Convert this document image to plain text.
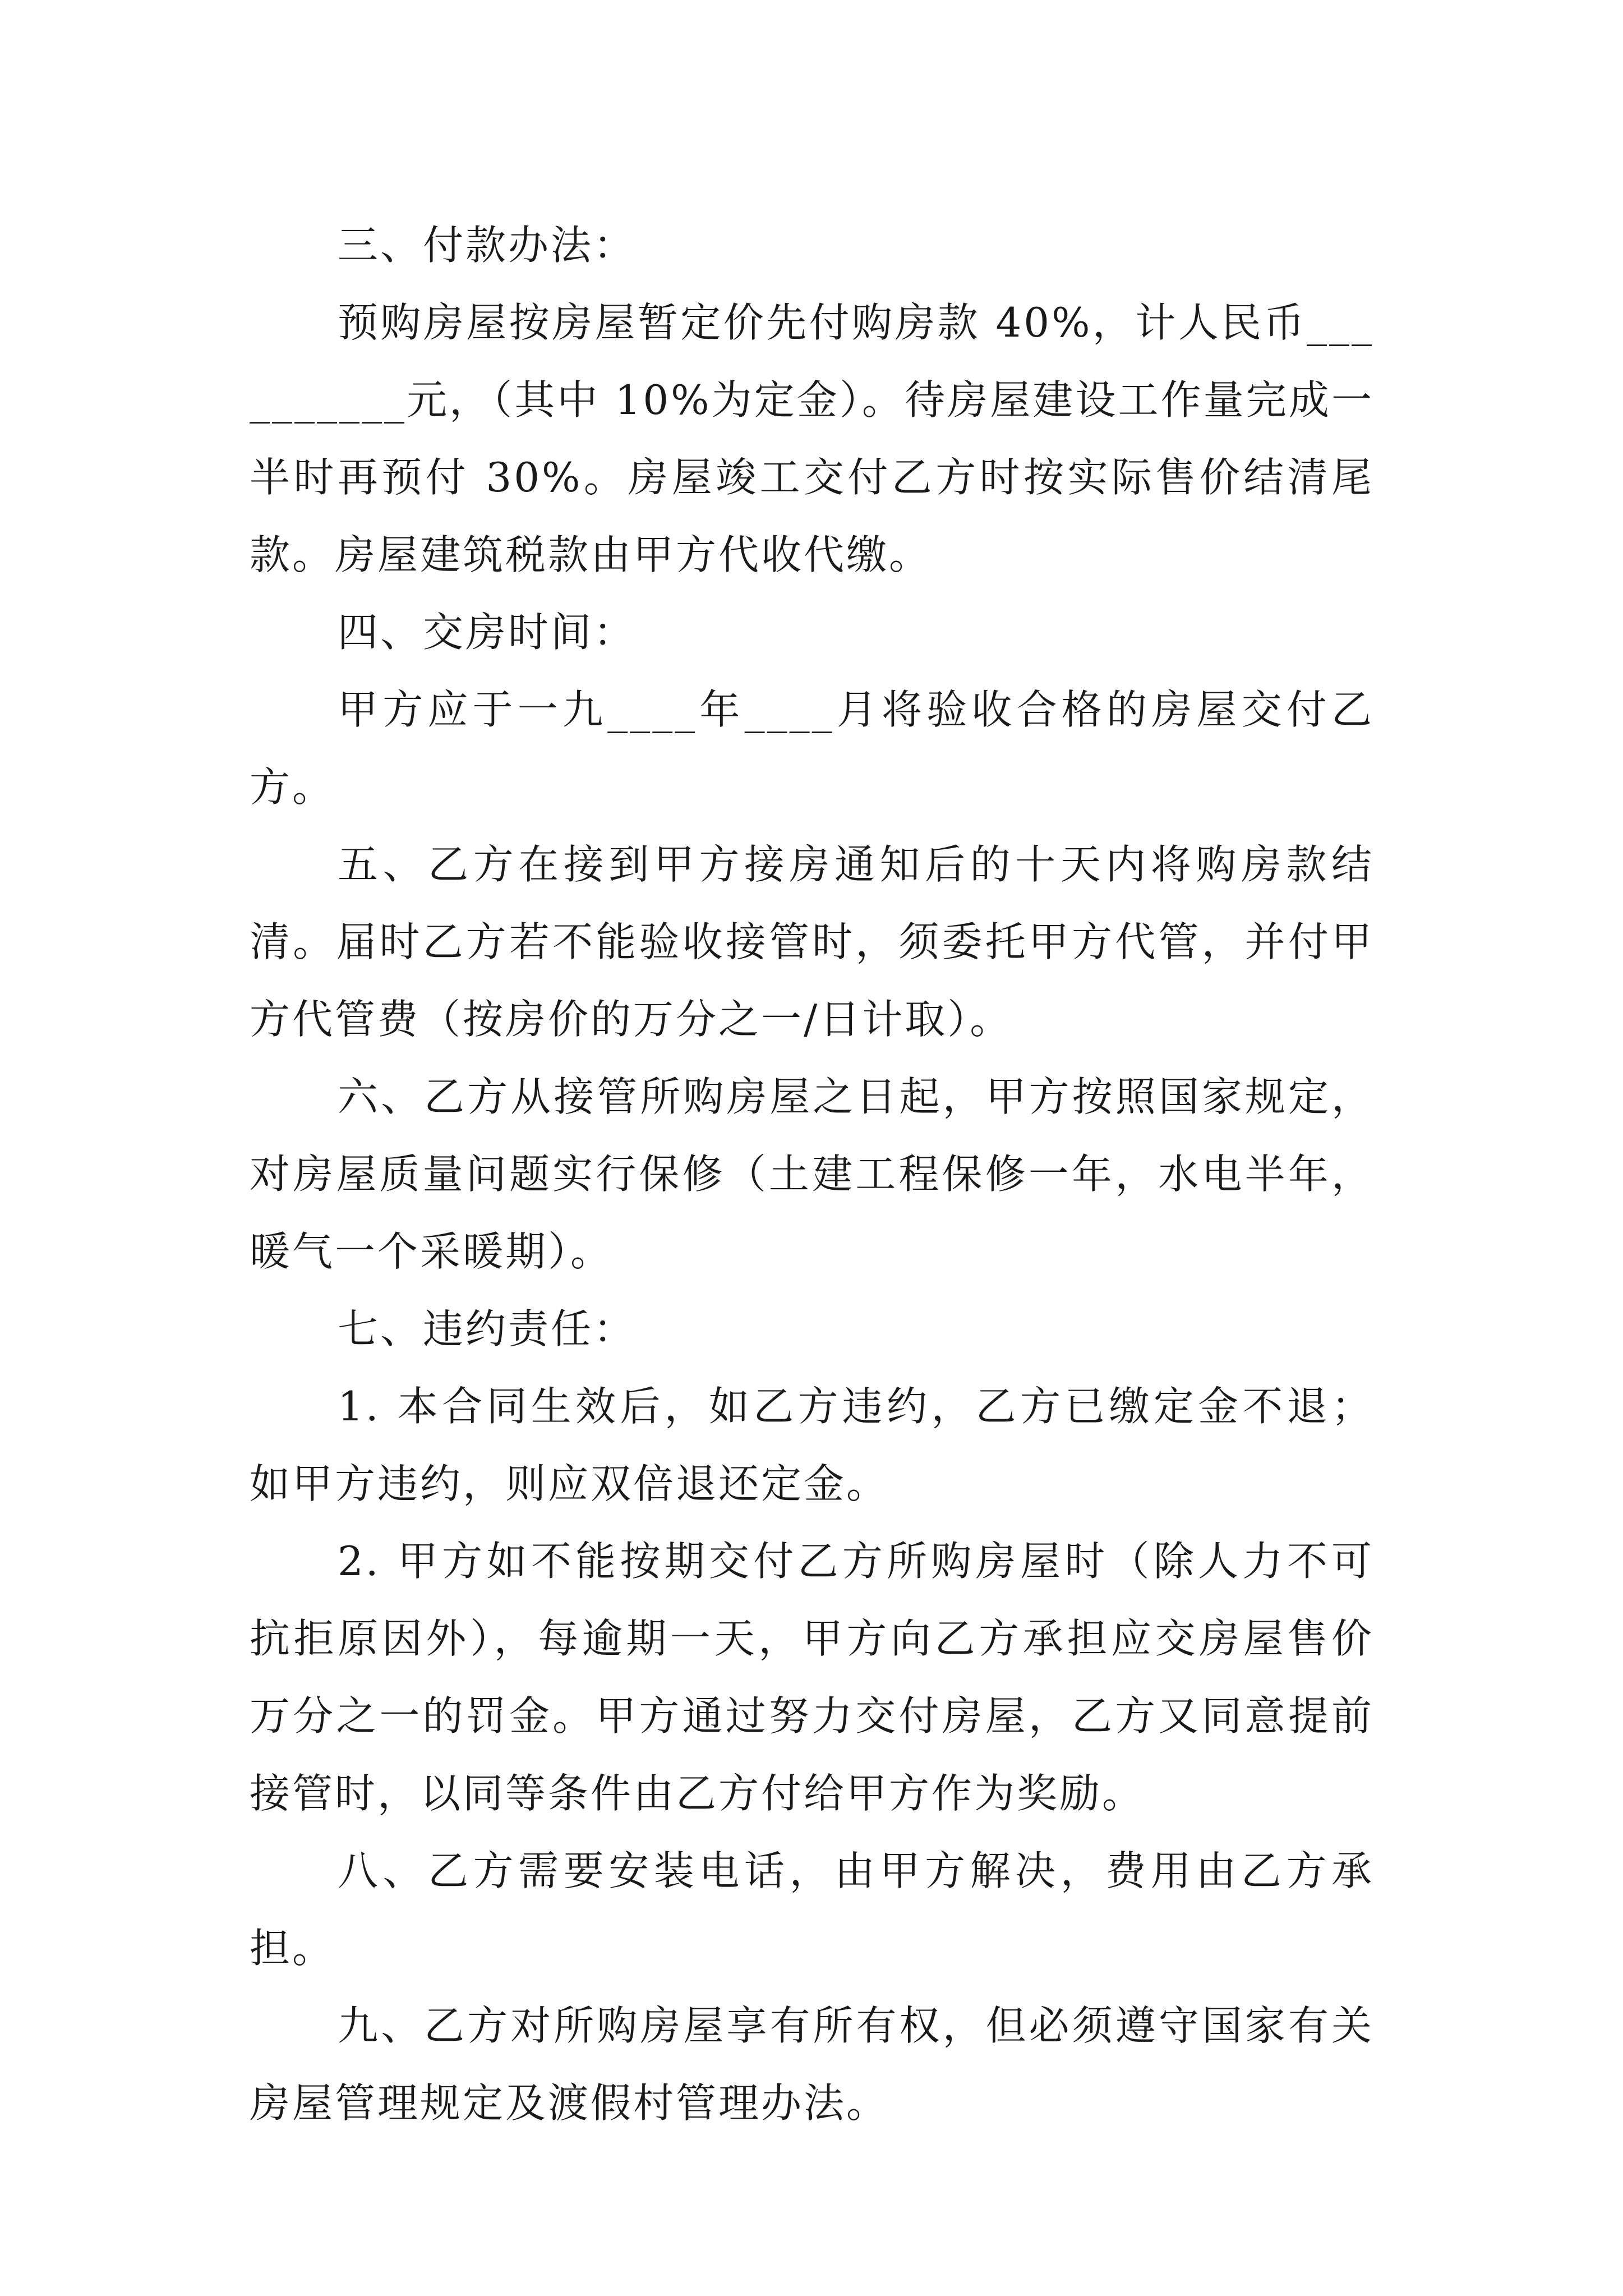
三、付款办法：

预购房屋按房屋暂定价先付购房款 40%，计人民币__________元，（其中 10%为定金）。待房屋建设工作量完成一半时再预付 30%。房屋竣工交付乙方时按实际售价结清尾款。房屋建筑税款由甲方代收代缴。

四、交房时间：

甲方应于一九____年____月将验收合格的房屋交付乙方。

五、乙方在接到甲方接房通知后的十天内将购房款结清。届时乙方若不能验收接管时，须委托甲方代管，并付甲方代管费（按房价的万分之一/日计取）。

六、乙方从接管所购房屋之日起，甲方按照国家规定，对房屋质量问题实行保修（土建工程保修一年，水电半年，暖气一个采暖期）。

七、违约责任：

1. 本合同生效后，如乙方违约，乙方已缴定金不退；如甲方违约，则应双倍退还定金。

2. 甲方如不能按期交付乙方所购房屋时（除人力不可抗拒原因外），每逾期一天，甲方向乙方承担应交房屋售价万分之一的罚金。甲方通过努力交付房屋，乙方又同意提前接管时，以同等条件由乙方付给甲方作为奖励。

八、乙方需要安装电话，由甲方解决，费用由乙方承担。

九、乙方对所购房屋享有所有权，但必须遵守国家有关房屋管理规定及渡假村管理办法。
